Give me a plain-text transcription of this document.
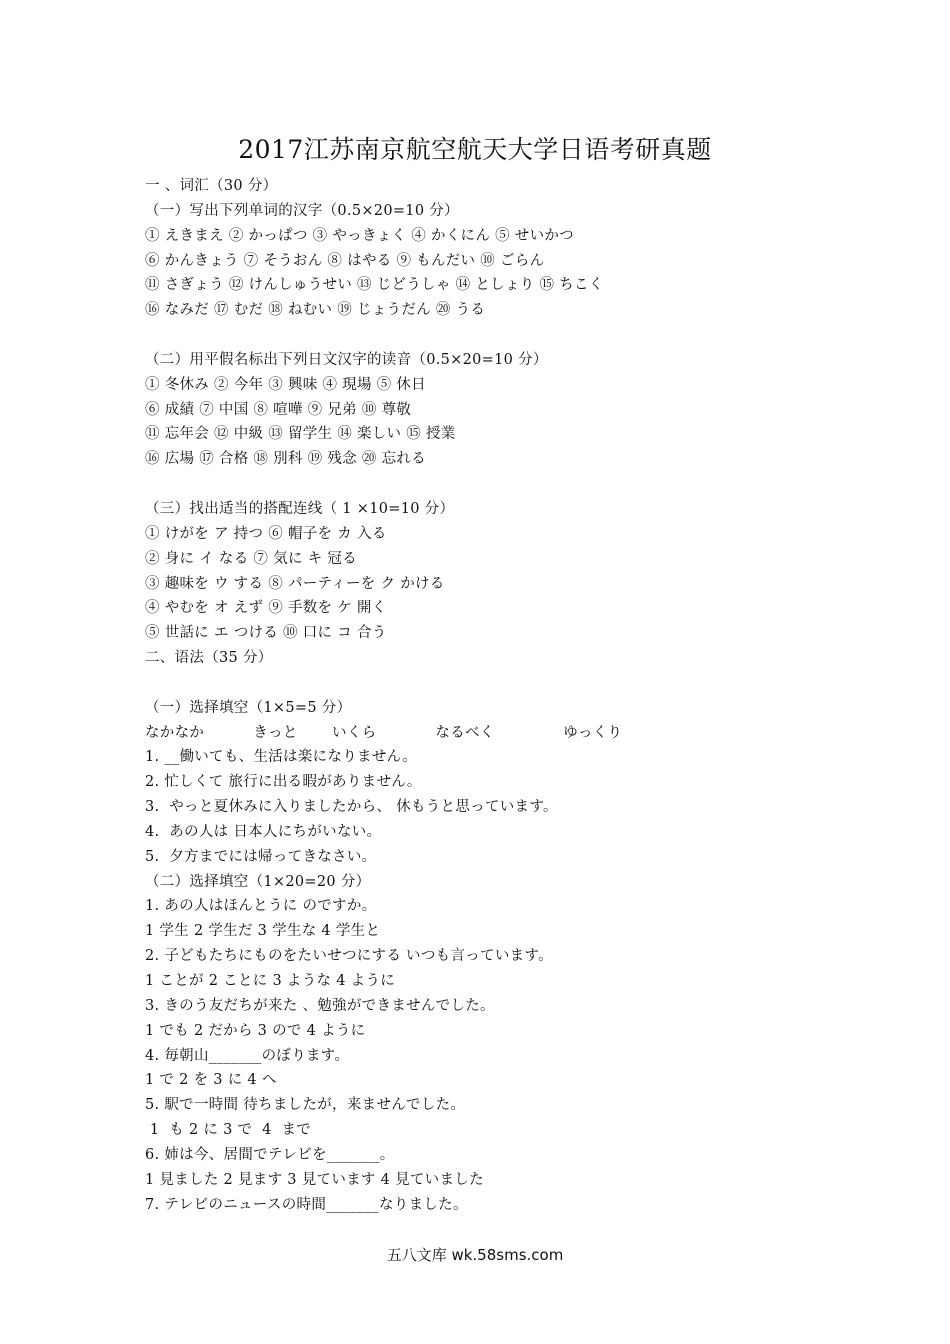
2017江苏南京航空航天大学日语考研真题
一 、词汇（30 分）
（一）写出下列单词的汉字（0.5×20=10 分）
① えきまえ ② かっぱつ ③ やっきょく ④ かくにん ⑤ せいかつ
⑥ かんきょう ⑦ そうおん ⑧ はやる ⑨ もんだい ⑩ ごらん
⑪ さぎょう ⑫ けんしゅうせい ⑬ じどうしゃ ⑭ としょり ⑮ ちこく
⑯ なみだ ⑰ むだ ⑱ ねむい ⑲ じょうだん ⑳ うる
（二）用平假名标出下列日文汉字的读音（0.5×20=10 分）
① 冬休み ② 今年 ③ 興味 ④ 現場 ⑤ 休日
⑥ 成績 ⑦ 中国 ⑧ 喧嘩 ⑨ 兄弟 ⑩ 尊敬
⑪ 忘年会 ⑫ 中級 ⑬ 留学生 ⑭ 楽しい ⑮ 授業
⑯ 広場 ⑰ 合格 ⑱ 別科 ⑲ 残念 ⑳ 忘れる
（三）找出适当的搭配连线（ 1 ×10=10 分）
① けがを ア 持つ ⑥ 帽子を カ 入る
② 身に イ なる ⑦ 気に キ 冠る
③ 趣味を ウ する ⑧ パーティーを ク かける
④ やむを オ えず ⑨ 手数を ケ 開く
⑤ 世話に エ つける ⑩ 口に コ 合う
二、语法（35 分）
（一）选择填空（1×5=5 分）
なかなか          きっと       いくら            なるべく              ゆっくり
1. __働いても、生活は楽になりません。
2. 忙しくて 旅行に出る暇がありません。
3.  やっと夏休みに入りましたから、 休もうと思っています。
4.  あの人は 日本人にちがいない。
5.  夕方までには帰ってきなさい。
（二）选择填空（1×20=20 分）
1. あの人はほんとうに のですか。
1 学生 2 学生だ 3 学生な 4 学生と
2. 子どもたちにものをたいせつにする いつも言っています。
1 ことが 2 ことに 3 ような 4 ように
3. きのう友だちが来た 、勉強ができませんでした。
1 でも 2 だから 3 ので 4 ように
4. 毎朝山_______のぼります。
1 で 2 を 3 に 4 へ
5. 駅で一時間 待ちましたが，来ませんでした。
1  も 2 に 3 で  4  まで
6. 姉は今、居間でテレビを_______。
1 見ました 2 見ます 3 見ています 4 見ていました
7. テレビのニュースの時間_______なりました。
五八文库 wk.58sms.com
